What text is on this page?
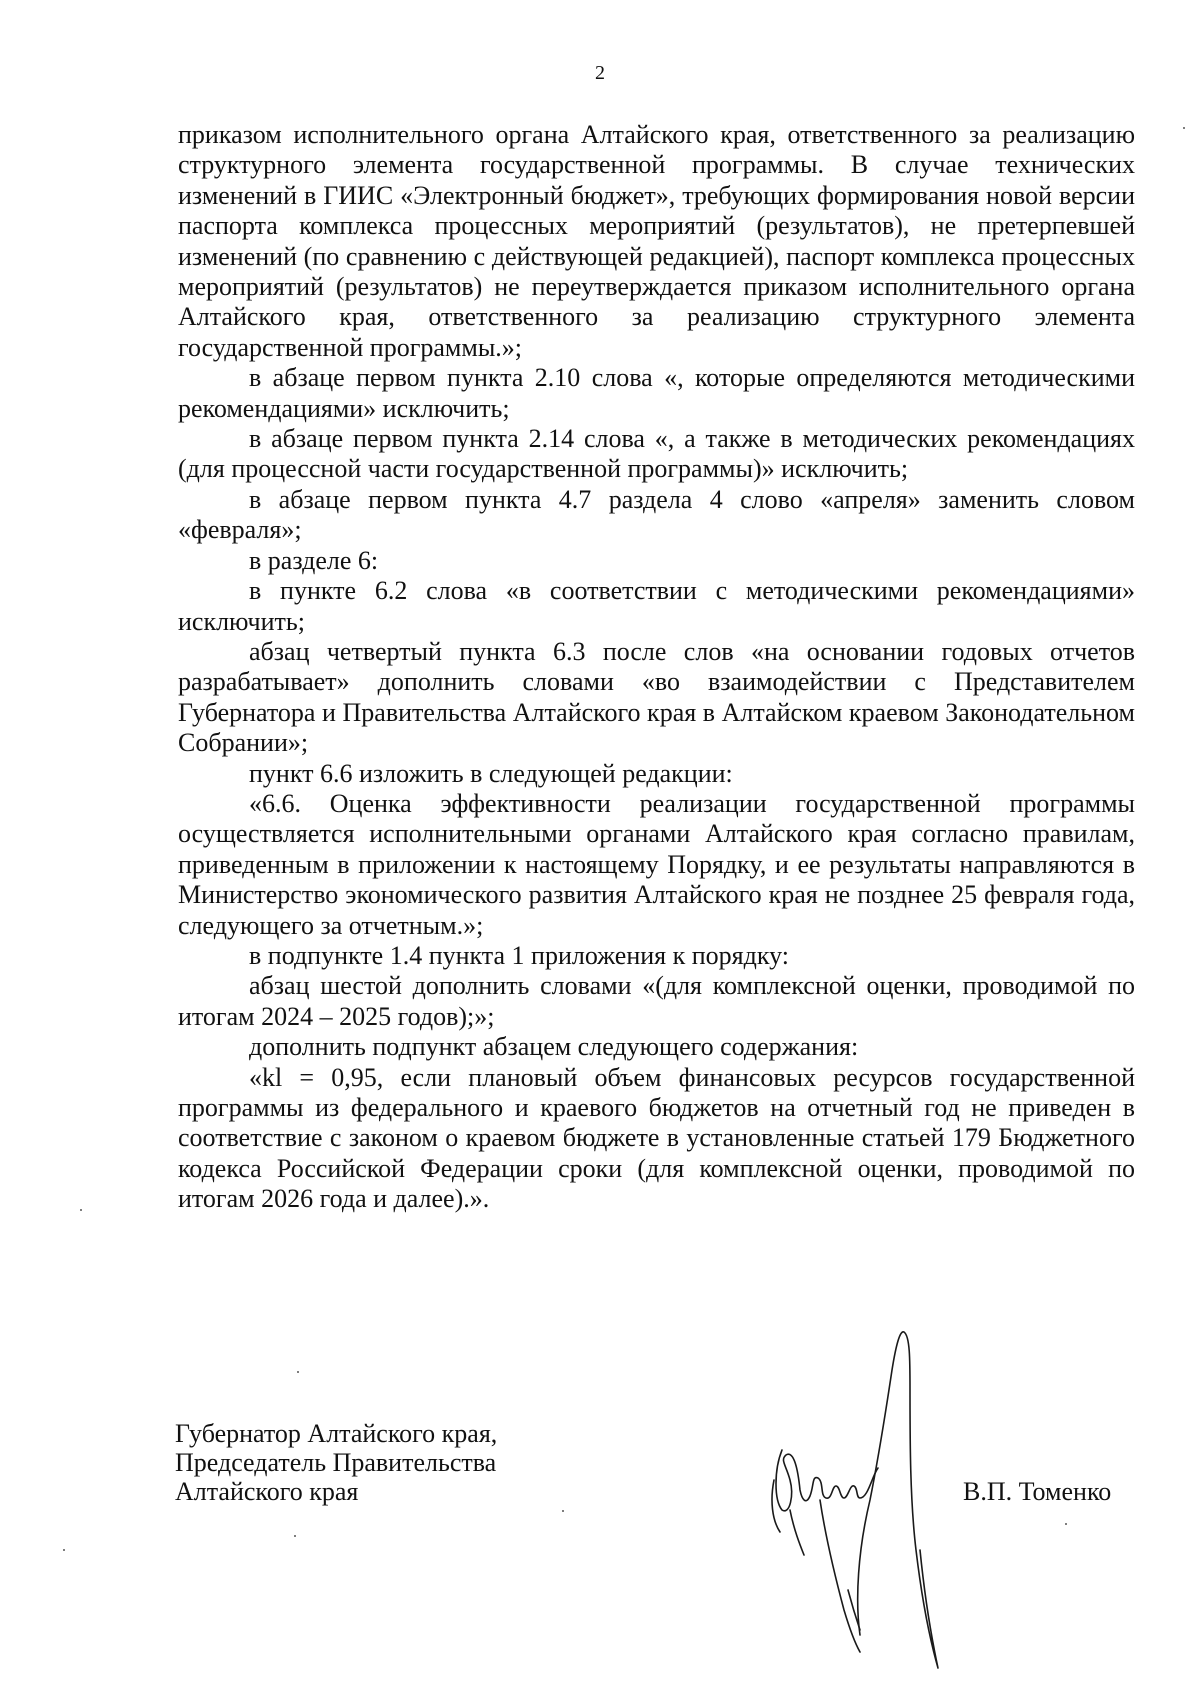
2

приказом исполнительного органа Алтайского края, ответственного за реализацию структурного элемента государственной программы. В случае технических изменений в ГИИС «Электронный бюджет», требующих формирования новой версии паспорта комплекса процессных мероприятий (результатов), не претерпевшей изменений (по сравнению с действующей редакцией), паспорт комплекса процессных мероприятий (результатов) не переутверждается приказом исполнительного органа Алтайского края, ответственного за реализацию структурного элемента государственной программы.»;

в абзаце первом пункта 2.10 слова «, которые определяются методическими рекомендациями» исключить;

в абзаце первом пункта 2.14 слова «, а также в методических рекомендациях (для процессной части государственной программы)» исключить;

в абзаце первом пункта 4.7 раздела 4 слово «апреля» заменить словом «февраля»;

в разделе 6:

в пункте 6.2 слова «в соответствии с методическими рекомендациями» исключить;

абзац четвертый пункта 6.3 после слов «на основании годовых отчетов разрабатывает» дополнить словами «во взаимодействии с Представителем Губернатора и Правительства Алтайского края в Алтайском краевом Законодательном Собрании»;

пункт 6.6 изложить в следующей редакции:

«6.6. Оценка эффективности реализации государственной программы осуществляется исполнительными органами Алтайского края согласно правилам, приведенным в приложении к настоящему Порядку, и ее результаты направляются в Министерство экономического развития Алтайского края не позднее 25 февраля года, следующего за отчетным.»;

в подпункте 1.4 пункта 1 приложения к порядку:

абзац шестой дополнить словами «(для комплексной оценки, проводимой по итогам 2024 – 2025 годов);»;

дополнить подпункт абзацем следующего содержания:

«kl = 0,95, если плановый объем финансовых ресурсов государственной программы из федерального и краевого бюджетов на отчетный год не приведен в соответствие с законом о краевом бюджете в установленные статьей 179 Бюджетного кодекса Российской Федерации сроки (для комплексной оценки, проводимой по итогам 2026 года и далее).».

Губернатор Алтайского края,
Председатель Правительства
Алтайского края	В.П. Томенко
